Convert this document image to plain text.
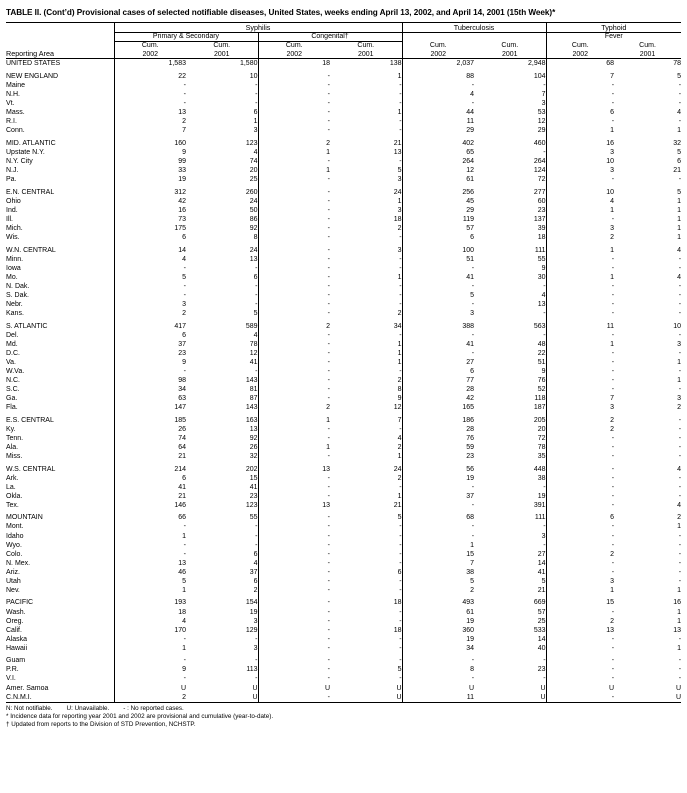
TABLE II. (Cont’d) Provisional cases of selected notifiable diseases, United States, weeks ending April 13, 2002, and April 14, 2001 (15th Week)*
	Syphilis				Tuberculosis		Typhoid	
	Primary & Secondary		Congenital†				Fever	
	Cum.	Cum.	Cum.	Cum.	Cum.	Cum.	Cum.	Cum.
Reporting Area	2002	2001	2002	2001	2002	2001	2002	2001
UNITED STATES	1,583	1,580	18	138	2,037	2,948	68	78

NEW ENGLAND	22	10	-	1	88	104	7	5
Maine	-	-	-	-	-	-	-	-
N.H.	-	-	-	-	4	7	-	-
Vt.	-	-	-	-	-	3	-	-
Mass.	13	6	-	1	44	53	6	4
R.I.	2	1	-	-	11	12	-	-
Conn.	7	3	-	-	29	29	1	1

MID. ATLANTIC	160	123	2	21	402	460	16	32
Upstate N.Y.	9	4	1	13	65	-	3	5
N.Y. City	99	74	-	-	264	264	10	6
N.J.	33	20	1	5	12	124	3	21
Pa.	19	25	-	3	61	72	-	-

E.N. CENTRAL	312	260	-	24	256	277	10	5
Ohio	42	24	-	1	45	60	4	1
Ind.	16	50	-	3	29	23	1	1
Ill.	73	86	-	18	119	137	-	1
Mich.	175	92	-	2	57	39	3	1
Wis.	6	8	-	-	6	18	2	1

W.N. CENTRAL	14	24	-	3	100	111	1	4
Minn.	4	13	-	-	51	55	-	-
Iowa	-	-	-	-	-	9	-	-
Mo.	5	6	-	1	41	30	1	4
N. Dak.	-	-	-	-	-	-	-	-
S. Dak.	-	-	-	-	5	4	-	-
Nebr.	3	-	-	-	-	13	-	-
Kans.	2	5	-	2	3	-	-	-

S. ATLANTIC	417	589	2	34	388	563	11	10
Del.	6	4	-	-	-	-	-	-
Md.	37	78	-	1	41	48	1	3
D.C.	23	12	-	1	-	22	-	-
Va.	9	41	-	1	27	51	-	1
W.Va.	-	-	-	-	6	9	-	-
N.C.	98	143	-	2	77	76	-	1
S.C.	34	81	-	8	28	52	-	-
Ga.	63	87	-	9	42	118	7	3
Fla.	147	143	2	12	165	187	3	2

E.S. CENTRAL	185	163	1	7	186	205	2	-
Ky.	26	13	-	-	28	20	2	-
Tenn.	74	92	-	4	76	72	-	-
Ala.	64	26	1	2	59	78	-	-
Miss.	21	32	-	1	23	35	-	-

W.S. CENTRAL	214	202	13	24	56	448	-	4
Ark.	6	15	-	2	19	38	-	-
La.	41	41	-	-	-	-	-	-
Okla.	21	23	-	1	37	19	-	-
Tex.	146	123	13	21	-	391	-	4

MOUNTAIN	66	55	-	5	68	111	6	2
Mont.	-	-	-	-	-	-	-	1
Idaho	1	-	-	-	-	3	-	-
Wyo.	-	-	-	-	1	-	-	-
Colo.	-	6	-	-	15	27	2	-
N. Mex.	13	4	-	-	7	14	-	-
Ariz.	46	37	-	6	38	41	-	-
Utah	5	6	-	-	5	5	3	-
Nev.	1	2	-	-	2	21	1	1

PACIFIC	193	154	-	18	493	669	15	16
Wash.	18	19	-	-	61	57	-	1
Oreg.	4	3	-	-	19	25	2	1
Calif.	170	129	-	18	360	533	13	13
Alaska	-	-	-	-	19	14	-	-
Hawaii	1	3	-	-	34	40	-	1

Guam	-	-	-	-	-	-	-	-
P.R.	9	113	-	5	8	23	-	-
V.I.	-	-	-	-	-	-	-	-
Amer. Samoa	U	U	U	U	U	U	U	U
C.N.M.I.	2	U	-	U	11	U	-	U
N: Not notifiable.        U: Unavailable.        - : No reported cases.
* Incidence data for reporting year 2001 and 2002 are provisional and cumulative (year-to-date).
† Updated from reports to the Division of STD Prevention, NCHSTP.
